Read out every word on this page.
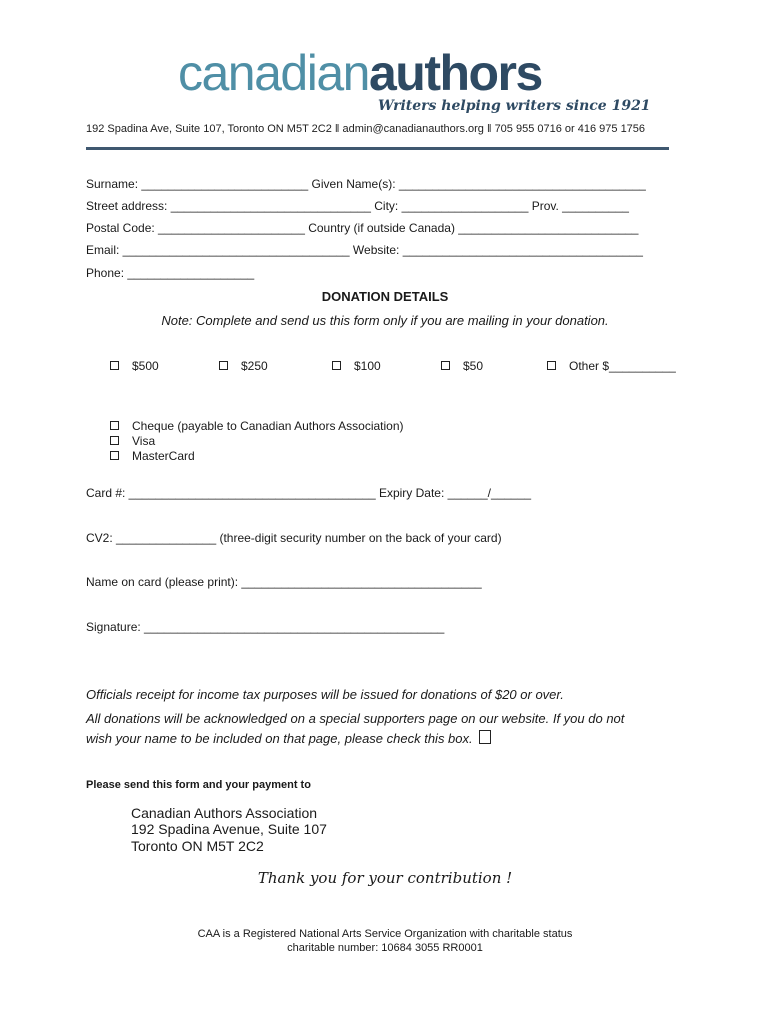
canadianauthors
Writers helping writers since 1921
192 Spadina Ave, Suite 107, Toronto ON M5T 2C2 ǁ admin@canadianauthors.org ǁ 705 955 0716 or 416 975 1756
Surname: _________________________ Given Name(s): _____________________________________
Street address: ______________________________ City: ___________________ Prov. __________
Postal Code: ______________________ Country (if outside Canada) ___________________________
Email: __________________________________ Website: ____________________________________
Phone: ___________________
DONATION DETAILS
Note: Complete and send us this form only if you are mailing in your donation.
$500	$250	$100	$50	Other $__________
Cheque (payable to Canadian Authors Association)
Visa
MasterCard
Card #: _____________________________________ Expiry Date: ______/______
CV2: _______________ (three-digit security number on the back of your card)
Name on card (please print): ____________________________________
Signature: _____________________________________________
Officials receipt for income tax purposes will be issued for donations of $20 or over.
All donations will be acknowledged on a special supporters page on our website. If you do not
wish your name to be included on that page, please check this box.
Please send this form and your payment to
Canadian Authors Association
192 Spadina Avenue, Suite 107
Toronto ON M5T 2C2
Thank you for your contribution !
CAA is a Registered National Arts Service Organization with charitable status
charitable number: 10684 3055 RR0001
